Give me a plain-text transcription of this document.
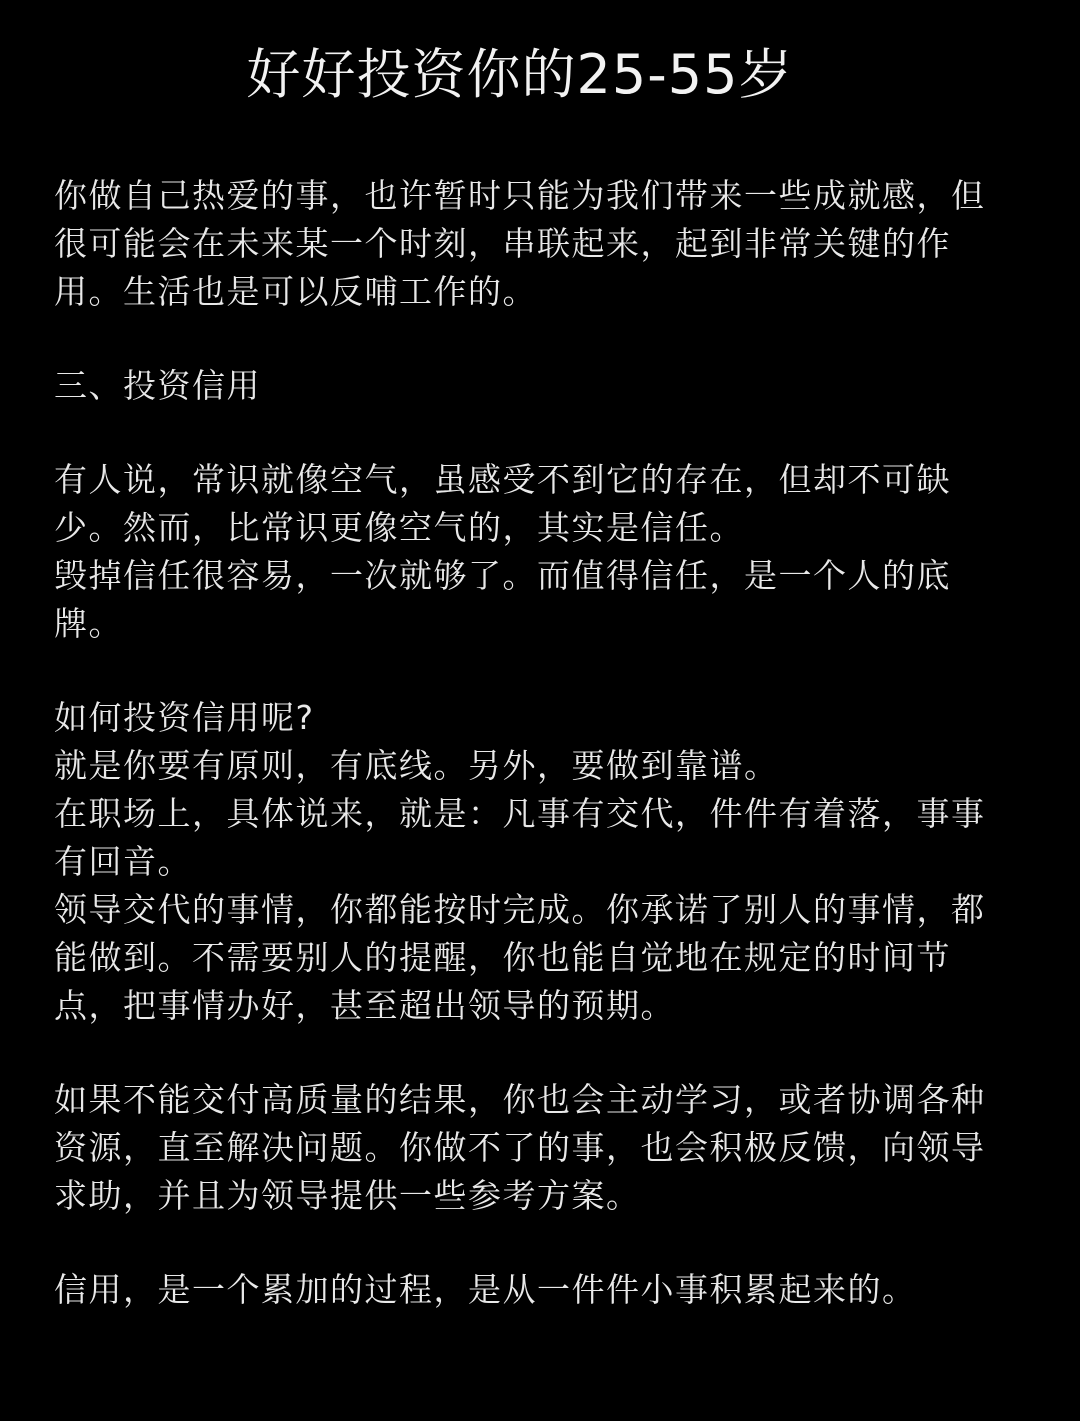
好好投资你的25-55岁

你做自己热爱的事，也许暂时只能为我们带来一些成就感，但
很可能会在未来某一个时刻，串联起来，起到非常关键的作
用。生活也是可以反哺工作的。

三、投资信用

有人说，常识就像空气，虽感受不到它的存在，但却不可缺
少。然而，比常识更像空气的，其实是信任。
毁掉信任很容易，一次就够了。而值得信任，是一个人的底
牌。

如何投资信用呢?
就是你要有原则，有底线。另外，要做到靠谱。
在职场上，具体说来，就是：凡事有交代，件件有着落，事事
有回音。
领导交代的事情，你都能按时完成。你承诺了别人的事情，都
能做到。不需要别人的提醒，你也能自觉地在规定的时间节
点，把事情办好，甚至超出领导的预期。

如果不能交付高质量的结果，你也会主动学习，或者协调各种
资源，直至解决问题。你做不了的事，也会积极反馈，向领导
求助，并且为领导提供一些参考方案。

信用，是一个累加的过程，是从一件件小事积累起来的。
